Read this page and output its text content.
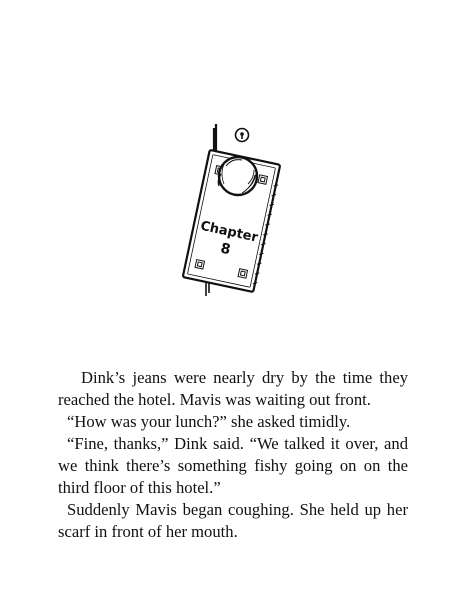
Chapter
8

Dink’s jeans were nearly dry by the time they reached the hotel. Mavis was waiting out front.

“How was your lunch?” she asked timidly.

“Fine, thanks,” Dink said. “We talked it over, and we think there’s something fishy going on on the third floor of this hotel.”

Suddenly Mavis began coughing. She held up her scarf in front of her mouth.
